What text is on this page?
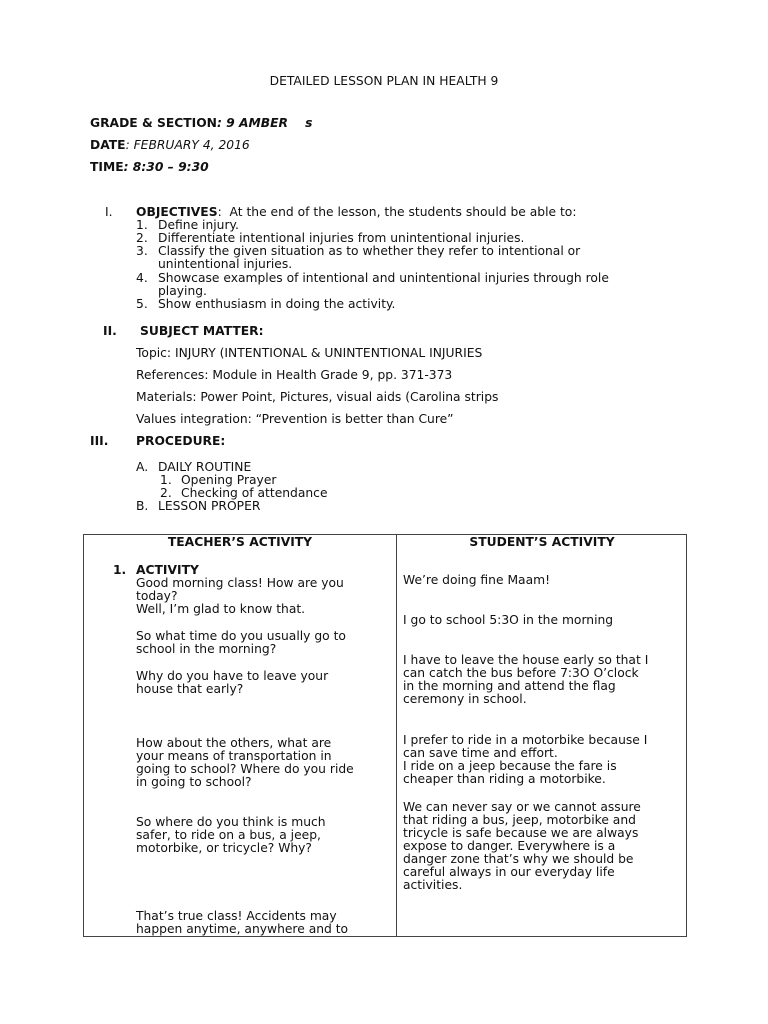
DETAILED LESSON PLAN IN HEALTH 9
GRADE & SECTION: 9 AMBER    s
DATE: FEBRUARY 4, 2016
TIME: 8:30 – 9:30
I. OBJECTIVES:  At the end of the lesson, the students should be able to:
1. Define injury.
2. Differentiate intentional injuries from unintentional injuries.
3. Classify the given situation as to whether they refer to intentional or
unintentional injuries.
4. Showcase examples of intentional and unintentional injuries through role
playing.
5. Show enthusiasm in doing the activity.
II. SUBJECT MATTER:
Topic: INJURY (INTENTIONAL & UNINTENTIONAL INJURIES
References: Module in Health Grade 9, pp. 371-373
Materials: Power Point, Pictures, visual aids (Carolina strips
Values integration: “Prevention is better than Cure”
III. PROCEDURE:
A. DAILY ROUTINE
1. Opening Prayer
2. Checking of attendance
B. LESSON PROPER
TEACHER’S ACTIVITY	STUDENT’S ACTIVITY
1. ACTIVITY
Good morning class! How are you
today?
Well, I’m glad to know that.
So what time do you usually go to
school in the morning?
Why do you have to leave your
house that early?
How about the others, what are
your means of transportation in
going to school? Where do you ride
in going to school?
So where do you think is much
safer, to ride on a bus, a jeep,
motorbike, or tricycle? Why?
That’s true class! Accidents may
happen anytime, anywhere and to
We’re doing fine Maam!
I go to school 5:3O in the morning
I have to leave the house early so that I
can catch the bus before 7:3O O’clock
in the morning and attend the flag
ceremony in school.
I prefer to ride in a motorbike because I
can save time and effort.
I ride on a jeep because the fare is
cheaper than riding a motorbike.
We can never say or we cannot assure
that riding a bus, jeep, motorbike and
tricycle is safe because we are always
expose to danger. Everywhere is a
danger zone that’s why we should be
careful always in our everyday life
activities.
